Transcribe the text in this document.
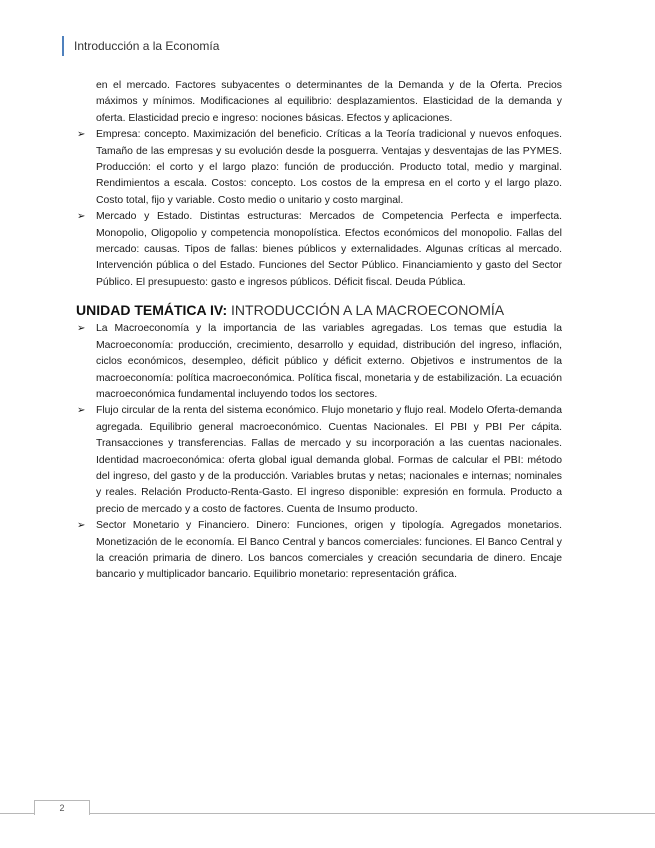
Introducción a la Economía

en el mercado. Factores subyacentes o determinantes de la Demanda y de la Oferta. Precios máximos y mínimos. Modificaciones al equilibrio: desplazamientos. Elasticidad de la demanda y oferta. Elasticidad precio e ingreso: nociones básicas. Efectos y aplicaciones.

➢ Empresa: concepto. Maximización del beneficio. Críticas a la Teoría tradicional y nuevos enfoques. Tamaño de las empresas y su evolución desde la posguerra. Ventajas y desventajas de las PYMES. Producción: el corto y el largo plazo: función de producción. Producto total, medio y marginal. Rendimientos a escala. Costos: concepto. Los costos de la empresa en el corto y el largo plazo. Costo total, fijo y variable. Costo medio o unitario y costo marginal.
➢ Mercado y Estado. Distintas estructuras: Mercados de Competencia Perfecta e imperfecta. Monopolio, Oligopolio y competencia monopolística. Efectos económicos del monopolio. Fallas del mercado: causas. Tipos de fallas: bienes públicos y externalidades. Algunas críticas al mercado. Intervención pública o del Estado. Funciones del Sector Público. Financiamiento y gasto del Sector Público. El presupuesto: gasto e ingresos públicos. Déficit fiscal. Deuda Pública.
UNIDAD TEMÁTICA IV: INTRODUCCIÓN A LA MACROECONOMÍA
➢ La Macroeconomía y la importancia de las variables agregadas. Los temas que estudia la Macroeconomía: producción, crecimiento, desarrollo y equidad, distribución del ingreso, inflación, ciclos económicos, desempleo, déficit público y déficit externo. Objetivos e instrumentos de la macroeconomía: política macroeconómica. Política fiscal, monetaria y de estabilización. La ecuación macroeconómica fundamental incluyendo todos los sectores.
➢ Flujo circular de la renta del sistema económico. Flujo monetario y flujo real. Modelo Oferta-demanda agregada. Equilibrio general macroeconómico. Cuentas Nacionales. El PBI y PBI Per cápita. Transacciones y transferencias. Fallas de mercado y su incorporación a las cuentas nacionales. Identidad macroeconómica: oferta global igual demanda global. Formas de calcular el PBI: método del ingreso, del gasto y de la producción. Variables brutas y netas; nacionales e internas; nominales y reales. Relación Producto-Renta-Gasto. El ingreso disponible: expresión en formula. Producto a precio de mercado y a costo de factores. Cuenta de Insumo producto.
➢ Sector Monetario y Financiero. Dinero: Funciones, origen y tipología. Agregados monetarios. Monetización de le economía. El Banco Central y bancos comerciales: funciones. El Banco Central y la creación primaria de dinero. Los bancos comerciales y creación secundaria de dinero. Encaje bancario y multiplicador bancario. Equilibrio monetario: representación gráfica.
2
